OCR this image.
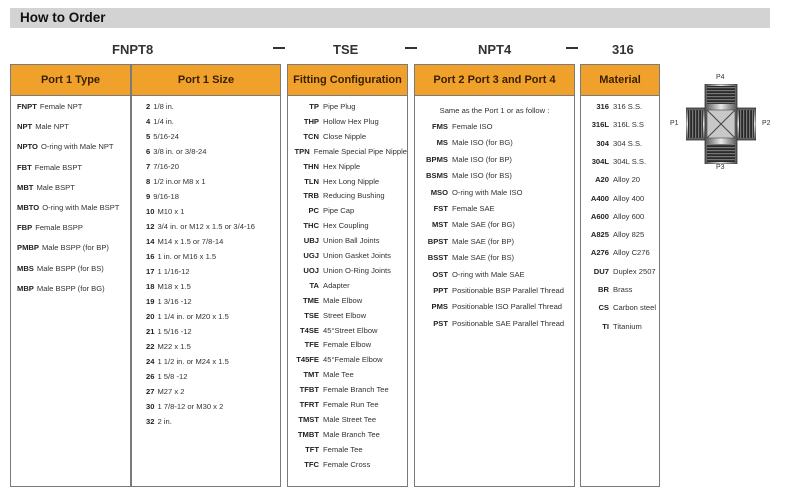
How to Order
FNPT8	TSE	NPT4	316
Port 1 Type
FNPT Female NPT
NPT Male NPT
NPTO O-ring with Male NPT
FBT Female BSPT
MBT Male BSPT
MBTO O-ring with Male BSPT
FBP Female BSPP
PMBP Male BSPP (for BP)
MBS Male BSPP (for BS)
MBP Male BSPP (for BG)
Port 1 Size
2 1/8 in.
4 1/4 in.
5 5/16-24
6 3/8 in. or 3/8-24
7 7/16-20
8 1/2 in.or M8 x 1
9 9/16-18
10 M10 x 1
12 3/4 in. or M12 x 1.5 or 3/4-16
14 M14 x 1.5 or 7/8-14
16 1 in. or M16 x 1.5
17 1 1/16-12
18 M18 x 1.5
19 1 3/16 -12
20 1 1/4 in. or M20 x 1.5
21 1 5/16 -12
22 M22 x 1.5
24 1 1/2 in. or M24 x 1.5
26 1 5/8 -12
27 M27 x 2
30 1 7/8-12 or M30 x 2
32 2 in.
Fitting Configuration
TP Pipe Plug
THP Hollow Hex Plug
TCN Close Nipple
TPN Female Special Pipe Nipple
THN Hex Nipple
TLN Hex Long Nipple
TRB Reducing Bushing
PC Pipe Cap
THC Hex Coupling
UBJ Union Ball Joints
UGJ Union Gasket Joints
UOJ Union O-Ring Joints
TA Adapter
TME Male Elbow
TSE Street Elbow
T4SE 45°Street Elbow
TFE Female Elbow
T45FE 45°Female Elbow
TMT Male Tee
TFBT Female Branch Tee
TFRT Female Run Tee
TMST Male Street Tee
TMBT Male Branch Tee
TFT Female Tee
TFC Female Cross
Port 2 Port 3 and Port 4
Same as the Port 1 or as follow :
FMS Female ISO
MS Male ISO (for BG)
BPMS Male ISO (for BP)
BSMS Male ISO (for BS)
MSO O-ring with Male ISO
FST Female SAE
MST Male SAE (for BG)
BPST Male SAE (for BP)
BSST Male SAE (for BS)
OST O-ring with Male SAE
PPT Positionable BSP Parallel Thread
PMS Positionable ISO Parallel Thread
PST Positionable SAE Parallel Thread
Material
316 316 S.S.
316L 316L S.S
304 304 S.S.
304L 304L S.S.
A20 Alloy 20
A400 Alloy 400
A600 Alloy 600
A825 Alloy 825
A276 Alloy C276
DU7 Duplex 2507
BR Brass
CS Carbon steel
TI Titanium
P4
P1	P2
P3
